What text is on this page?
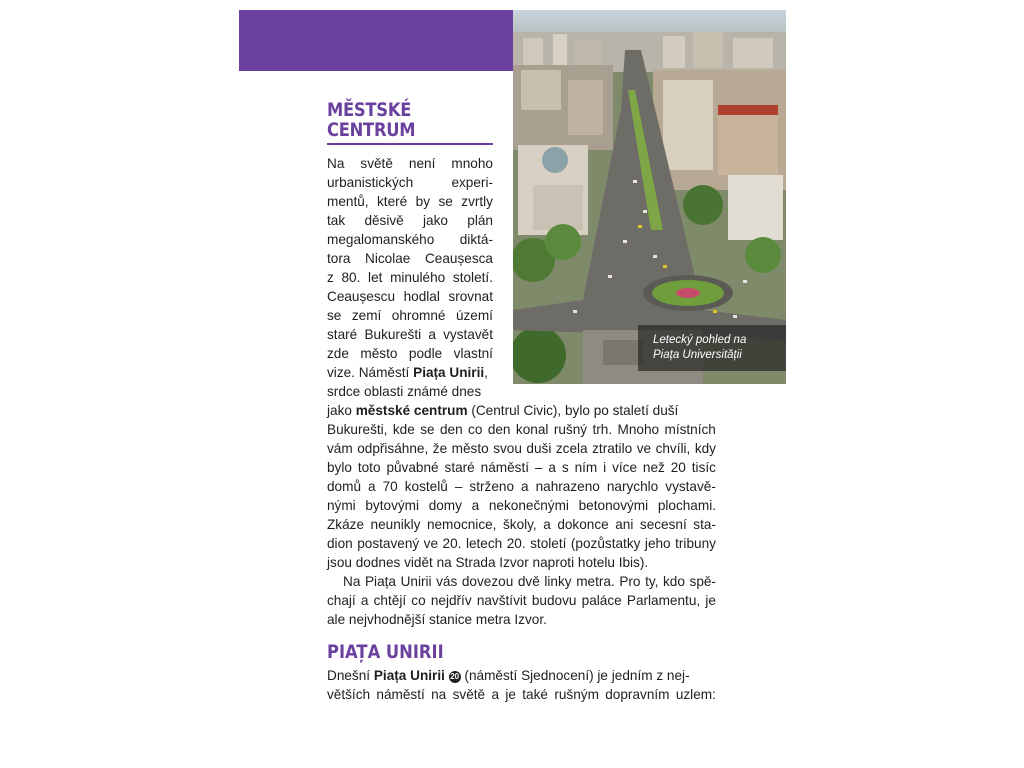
Letecký pohled na
Piața Universității
MĚSTSKÉ
CENTRUM
Na světě není mnoho
urbanistických	experi-
mentů, které by se zvrtly
tak děsivě jako plán
megalomanského diktá-
tora Nicolae Ceaușesca
z 80. let minulého století.
Ceaușescu hodlal srovnat
se zemí ohromné území
staré Bukurešti a vystavět
zde město podle vlastní
vize. Náměstí Piața Unirii,
srdce oblasti známé dnes
jako městské centrum (Centrul Civic), bylo po staletí duší
Bukurešti, kde se den co den konal rušný trh. Mnoho místních
vám odpřisáhne, že město svou duši zcela ztratilo ve chvíli, kdy
bylo toto půvabné staré náměstí – a s ním i více než 20 tisíc
domů a 70 kostelů – strženo a nahrazeno narychlo vystavě-
nými bytovými domy a nekonečnými betonovými plochami.
Zkáze neunikly nemocnice, školy, a dokonce ani secesní sta-
dion postavený ve 20. letech 20. století (pozůstatky jeho tribuny
jsou dodnes vidět na Strada Izvor naproti hotelu Ibis).
Na Piața Unirii vás dovezou dvě linky metra. Pro ty, kdo spě-
chají a chtějí co nejdřív navštívit budovu paláce Parlamentu, je
ale nejvhodnější stanice metra Izvor.
PIAȚA UNIRII
Dnešní Piața Unirii 20 (náměstí Sjednocení) je jedním z nej-
větších náměstí na světě a je také rušným dopravním uzlem:
